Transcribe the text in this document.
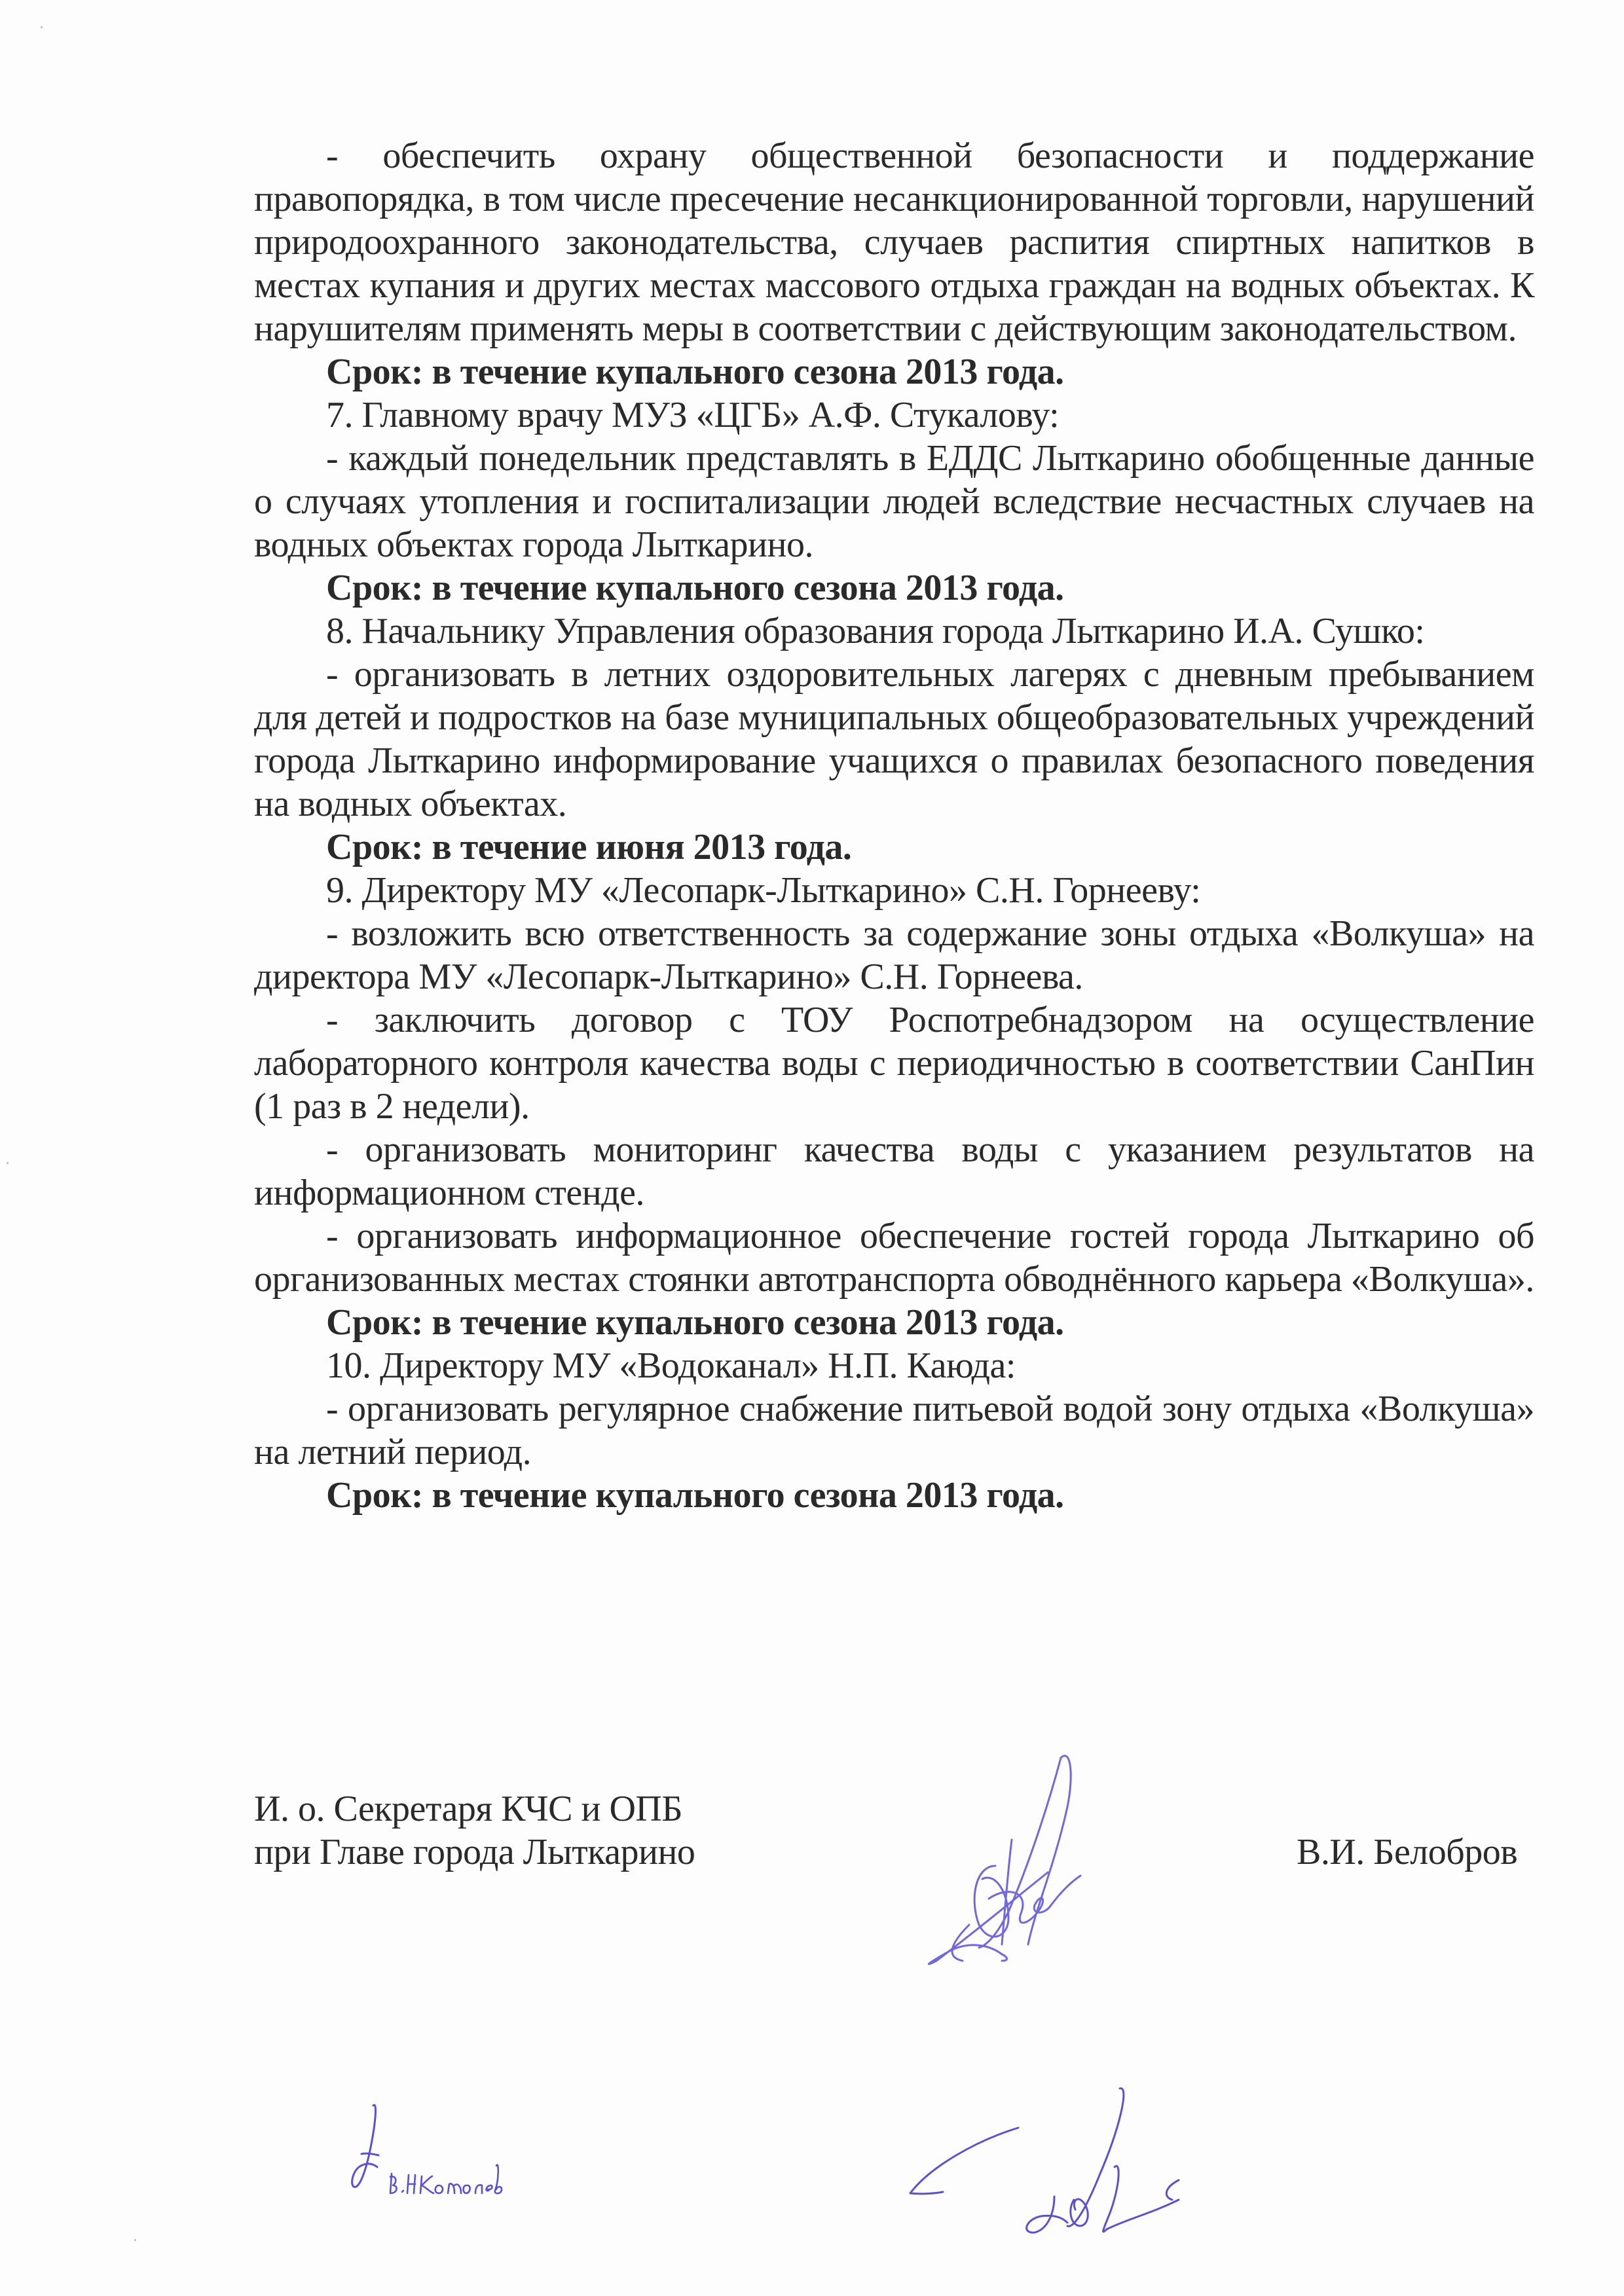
- обеспечить охрану общественной безопасности и поддержание правопорядка, в том числе пресечение несанкционированной торговли, нарушений природоохранного законодательства, случаев распития спиртных напитков в местах купания и других местах массового отдыха граждан на водных объектах. К нарушителям применять меры в соответствии с действующим законодательством.

Срок: в течение купального сезона 2013 года.

7. Главному врачу МУЗ «ЦГБ» А.Ф. Стукалову:

- каждый понедельник представлять в ЕДДС Лыткарино обобщенные данные о случаях утопления и госпитализации людей вследствие несчастных случаев на водных объектах города Лыткарино.

Срок: в течение купального сезона 2013 года.

8. Начальнику Управления образования города Лыткарино И.А. Сушко:

- организовать в летних оздоровительных лагерях с дневным пребыванием для детей и подростков на базе муниципальных общеобразовательных учреждений города Лыткарино информирование учащихся о правилах безопасного поведения на водных объектах.

Срок: в течение июня 2013 года.

9. Директору МУ «Лесопарк-Лыткарино» С.Н. Горнееву:

- возложить всю ответственность за содержание зоны отдыха «Волкуша» на директора МУ «Лесопарк-Лыткарино» С.Н. Горнеева.

- заключить договор с ТОУ Роспотребнадзором на осуществление лабораторного контроля качества воды с периодичностью в соответствии СанПин (1 раз в 2 недели).

- организовать мониторинг качества воды с указанием результатов на информационном стенде.

- организовать информационное обеспечение гостей города Лыткарино об организованных местах стоянки автотранспорта обводнённого карьера «Волкуша».

Срок: в течение купального сезона 2013 года.

10. Директору МУ «Водоканал» Н.П. Каюда:

- организовать регулярное снабжение питьевой водой зону отдыха «Волкуша» на летний период.

Срок: в течение купального сезона 2013 года.

И. о. Секретаря КЧС и ОПБ
при Главе города Лыткарино	В.И. Белобров
